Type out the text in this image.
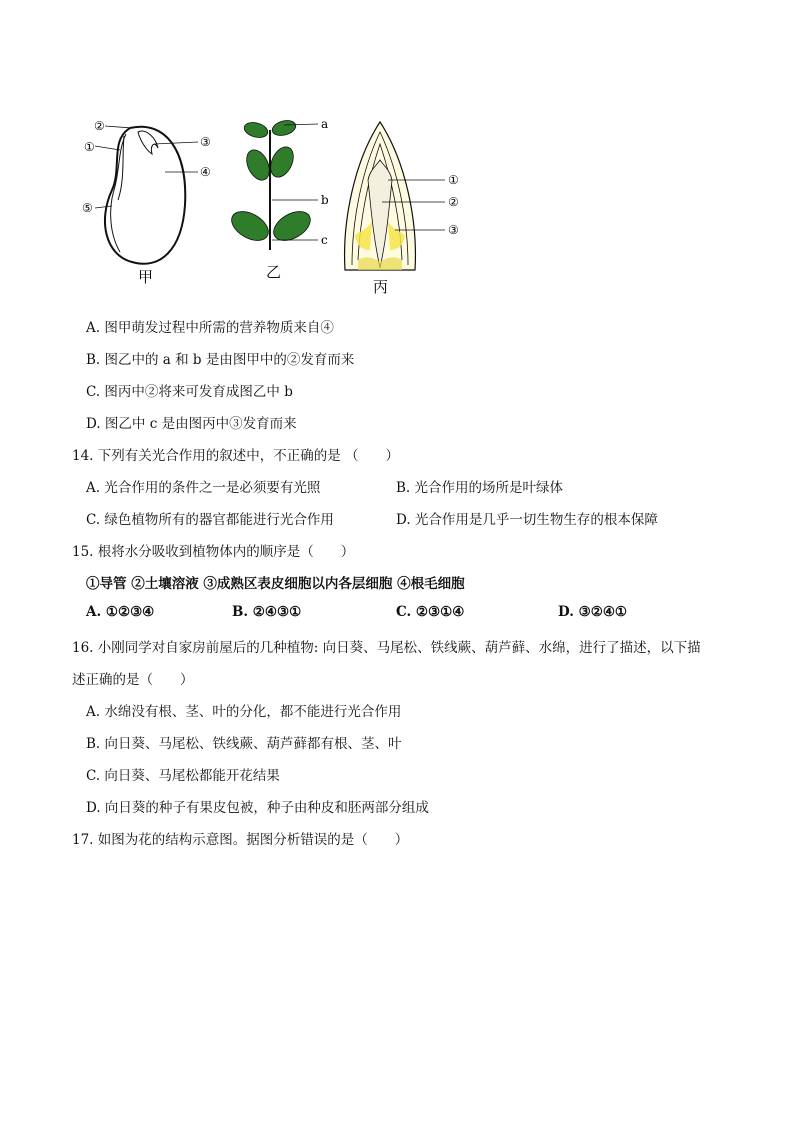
②
①	③
④
⑤
甲
a
b
c
乙
①
②
③
丙
A. 图甲萌发过程中所需的营养物质来自④
B. 图乙中的 a 和 b 是由图甲中的②发育而来
C. 图丙中②将来可发育成图乙中 b
D. 图乙中 c 是由图丙中③发育而来
14. 下列有关光合作用的叙述中，不正确的是 （　　）
A. 光合作用的条件之一是必须要有光照	B. 光合作用的场所是叶绿体
C. 绿色植物所有的器官都能进行光合作用	D. 光合作用是几乎一切生物生存的根本保障
15. 根将水分吸收到植物体内的顺序是（　　）
①导管 ②土壤溶液 ③成熟区表皮细胞以内各层细胞 ④根毛细胞
A. ①②③④	B. ②④③①	C. ②③①④	D. ③②④①
16. 小刚同学对自家房前屋后的几种植物: 向日葵、马尾松、铁线蕨、葫芦藓、水绵，进行了描述，以下描
述正确的是（　　）
A. 水绵没有根、茎、叶的分化，都不能进行光合作用
B. 向日葵、马尾松、铁线蕨、葫芦藓都有根、茎、叶
C. 向日葵、马尾松都能开花结果
D. 向日葵的种子有果皮包被，种子由种皮和胚两部分组成
17. 如图为花的结构示意图。据图分析错误的是（　　）
